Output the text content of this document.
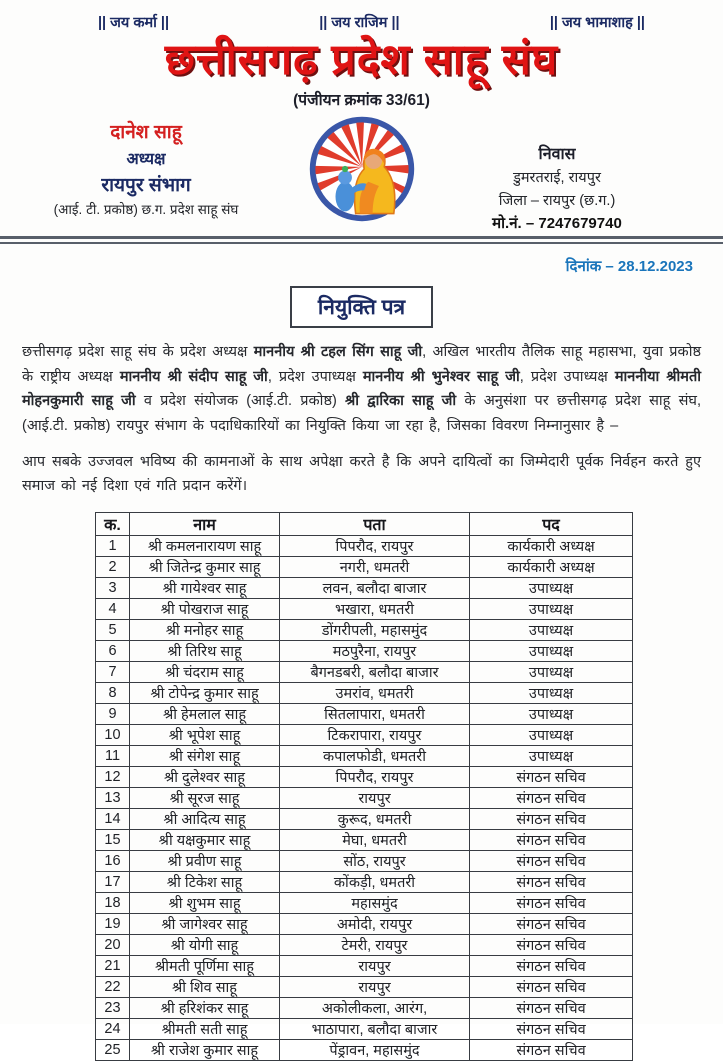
|| जय कर्मा ||	|| जय राजिम ||	|| जय भामाशाह ||
छत्तीसगढ़ प्रदेश साहू संघ
(पंजीयन क्रमांक 33/61)
दानेश साहू
अध्यक्ष
रायपुर संभाग
(आई. टी. प्रकोष्ठ) छ.ग. प्रदेश साहू संघ
निवास
डुमरतराई, रायपुर
जिला – रायपुर (छ.ग.)
मो.नं. – 7247679740
दिनांक – 28.12.2023
नियुक्ति पत्र
छत्तीसगढ़ प्रदेश साहू संघ के प्रदेश अध्यक्ष माननीय श्री टहल सिंग साहू जी, अखिल भारतीय तैलिक साहू महासभा, युवा प्रकोष्ठ के राष्ट्रीय अध्यक्ष माननीय श्री संदीप साहू जी, प्रदेश उपाध्यक्ष माननीय श्री भुनेश्वर साहू जी, प्रदेश उपाध्यक्ष माननीया श्रीमती मोहनकुमारी साहू जी व प्रदेश संयोजक (आई.टी. प्रकोष्ठ) श्री द्वारिका साहू जी के अनुसंशा पर छत्तीसगढ़ प्रदेश साहू संघ, (आई.टी. प्रकोष्ठ) रायपुर संभाग के पदाधिकारियों का नियुक्ति किया जा रहा है, जिसका विवरण निम्नानुसार है –
आप सबके उज्जवल भविष्य की कामनाओं के साथ अपेक्षा करते है कि अपने दायित्वों का जिम्मेदारी पूर्वक निर्वहन करते हुए समाज को नई दिशा एवं गति प्रदान करेंगें।
क.	नाम	पता	पद
1	श्री कमलनारायण साहू	पिपरौद, रायपुर	कार्यकारी अध्यक्ष
2	श्री जितेन्द्र कुमार साहू	नगरी, धमतरी	कार्यकारी अध्यक्ष
3	श्री गायेश्वर साहू	लवन, बलौदा बाजार	उपाध्यक्ष
4	श्री पोखराज साहू	भखारा, धमतरी	उपाध्यक्ष
5	श्री मनोहर साहू	डोंगरीपली, महासमुंद	उपाध्यक्ष
6	श्री तिरिथ साहू	मठपुरैना, रायपुर	उपाध्यक्ष
7	श्री चंदराम साहू	बैगनडबरी, बलौदा बाजार	उपाध्यक्ष
8	श्री टोपेन्द्र कुमार साहू	उमरांव, धमतरी	उपाध्यक्ष
9	श्री हेमलाल साहू	सितलापारा, धमतरी	उपाध्यक्ष
10	श्री भूपेश साहू	टिकरापारा, रायपुर	उपाध्यक्ष
11	श्री संगेश साहू	कपालफोडी, धमतरी	उपाध्यक्ष
12	श्री दुलेश्वर साहू	पिपरौद, रायपुर	संगठन सचिव
13	श्री सूरज साहू	रायपुर	संगठन सचिव
14	श्री आदित्य साहू	कुरूद, धमतरी	संगठन सचिव
15	श्री यक्षकुमार साहू	मेघा, धमतरी	संगठन सचिव
16	श्री प्रवीण साहू	सोंठ, रायपुर	संगठन सचिव
17	श्री टिकेश साहू	कोंकड़ी, धमतरी	संगठन सचिव
18	श्री शुभम साहू	महासमुंद	संगठन सचिव
19	श्री जागेश्वर साहू	अमोदी, रायपुर	संगठन सचिव
20	श्री योगी साहू	टेमरी, रायपुर	संगठन सचिव
21	श्रीमती पूर्णिमा साहू	रायपुर	संगठन सचिव
22	श्री शिव साहू	रायपुर	संगठन सचिव
23	श्री हरिशंकर साहू	अकोलीकला, आरंग,	संगठन सचिव
24	श्रीमती सती साहू	भाठापारा, बलौदा बाजार	संगठन सचिव
25	श्री राजेश कुमार साहू	पेंड्रावन, महासमुंद	संगठन सचिव
